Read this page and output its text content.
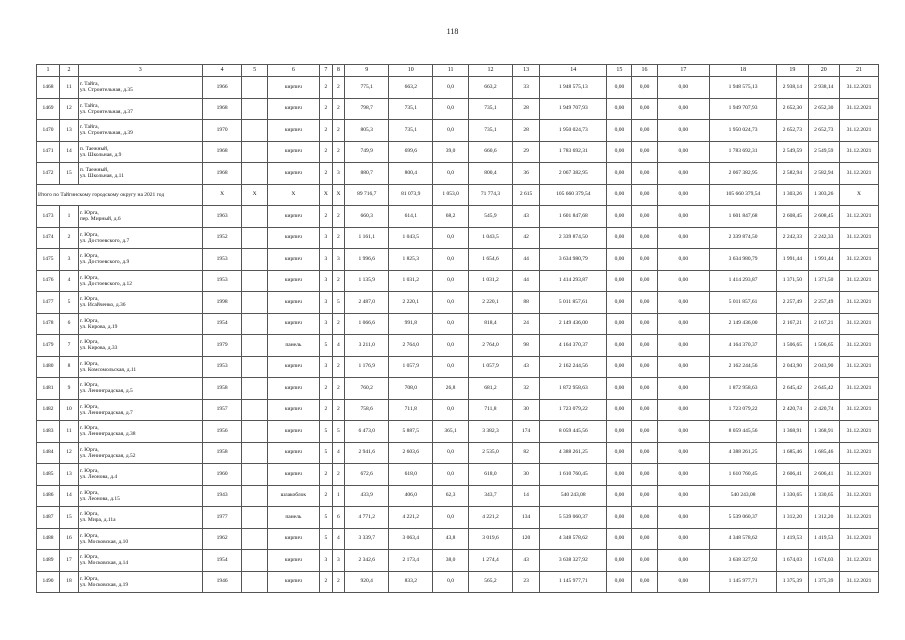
118
1	2	3	4	5	6	7	8	9	10	11	12	13	14	15	16	17	18	19	20	21
1468	11	г. Тайга,
ул. Строительная, д.35	1966		кирпич	2	2	775,1	663,2	0,0	663,2	33	1 948 575,13	0,00	0,00	0,00	1 948 575,13	2 938,14	2 938,14	31.12.2021
1469	12	г. Тайга,
ул. Строительная, д.37	1968		кирпич	2	2	798,7	735,1	0,0	735,1	28	1 949 707,93	0,00	0,00	0,00	1 949 707,93	2 652,30	2 652,30	31.12.2021
1470	13	г. Тайга,
ул. Строительная, д.39	1970		кирпич	2	2	805,3	735,1	0,0	735,1	28	1 950 024,73	0,00	0,00	0,00	1 950 024,73	2 652,73	2 652,73	31.12.2021
1471	14	п. Таежный,
ул. Школьная, д.9	1968		кирпич	2	2	749,9	699,6	39,0	660,6	29	1 783 692,31	0,00	0,00	0,00	1 783 692,31	2 549,59	2 549,59	31.12.2021
1472	15	п. Таежный,
ул. Школьная, д.11	1968		кирпич	2	3	880,7	800,4	0,0	800,4	36	2 067 382,95	0,00	0,00	0,00	2 067 382,95	2 582,94	2 582,94	31.12.2021
Итого по Тайгинскому городскому округу на 2021 год			X	X	X	X	X	89 716,7	81 073,9	1 053,0	71 774,3	2 615	105 660 379,54	0,00	0,00	0,00	105 660 379,54	1 303,26	1 303,26	X
1473	1	г. Юрга,
пер. Мирный, д.6	1963		кирпич	2	2	660,3	614,1	68,2	545,9	43	1 601 847,68	0,00	0,00	0,00	1 601 847,68	2 608,45	2 608,45	31.12.2021
1474	2	г. Юрга,
ул. Достоевского, д.7	1952		кирпич	3	2	1 161,1	1 043,5	0,0	1 043,5	42	2 339 874,50	0,00	0,00	0,00	2 339 874,50	2 242,33	2 242,33	31.12.2021
1475	3	г. Юрга,
ул. Достоевского, д.9	1953		кирпич	3	3	1 996,6	1 825,3	0,0	1 654,6	44	3 634 980,79	0,00	0,00	0,00	3 634 980,79	1 991,44	1 991,44	31.12.2021
1476	4	г. Юрга,
ул. Достоевского, д.12	1953		кирпич	3	2	1 135,9	1 031,2	0,0	1 031,2	44	1 414 293,87	0,00	0,00	0,00	1 414 293,87	1 371,50	1 371,50	31.12.2021
1477	5	г. Юрга,
ул. Исайченко, д.36	1998		кирпич	3	5	2 487,0	2 220,1	0,0	2 220,1	88	5 011 857,61	0,00	0,00	0,00	5 011 857,61	2 257,49	2 257,49	31.12.2021
1478	6	г. Юрга,
ул. Кирова, д.19	1954		кирпич	3	2	1 066,6	991,8	0,0	818,4	24	2 149 436,00	0,00	0,00	0,00	2 149 436,00	2 167,21	2 167,21	31.12.2021
1479	7	г. Юрга,
ул. Кирова, д.33	1979		панель	5	4	3 211,0	2 764,0	0,0	2 764,0	98	4 164 370,37	0,00	0,00	0,00	4 164 370,37	1 506,65	1 506,65	31.12.2021
1480	8	г. Юрга,
ул. Комсомольская, д.11	1953		кирпич	3	2	1 176,9	1 057,9	0,0	1 057,9	43	2 162 244,56	0,00	0,00	0,00	2 162 244,56	2 043,90	2 043,90	31.12.2021
1481	9	г. Юрга,
ул. Ленинградская, д.5	1958		кирпич	2	2	760,2	708,0	26,8	681,2	32	1 872 958,63	0,00	0,00	0,00	1 872 958,63	2 645,42	2 645,42	31.12.2021
1482	10	г. Юрга,
ул. Ленинградская, д.7	1957		кирпич	2	2	758,6	711,8	0,0	711,8	30	1 723 079,22	0,00	0,00	0,00	1 723 079,22	2 420,74	2 420,74	31.12.2021
1483	11	г. Юрга,
ул. Ленинградская, д.38	1956		кирпич	5	5	6 473,0	5 887,5	365,1	3 382,3	174	8 059 445,56	0,00	0,00	0,00	8 059 445,56	1 368,91	1 368,91	31.12.2021
1484	12	г. Юрга,
ул. Ленинградская, д.52	1958		кирпич	5	4	2 941,6	2 603,6	0,0	2 535,0	82	4 388 261,25	0,00	0,00	0,00	4 388 261,25	1 685,46	1 685,46	31.12.2021
1485	13	г. Юрга,
ул. Леонова, д.4	1960		кирпич	2	2	672,6	618,0	0,0	618,0	30	1 610 760,45	0,00	0,00	0,00	1 610 760,45	2 606,41	2 606,41	31.12.2021
1486	14	г. Юрга,
ул. Леонова, д.15	1943		шлакоблок	2	1	433,9	406,0	62,3	343,7	14	540 243,08	0,00	0,00	0,00	540 243,08	1 330,65	1 330,65	31.12.2021
1487	15	г. Юрга,
ул. Мира, д.11а	1977		панель	5	6	4 771,2	4 221,2	0,0	4 221,2	134	5 539 060,37	0,00	0,00	0,00	5 539 060,37	1 312,20	1 312,20	31.12.2021
1488	16	г. Юрга,
ул. Московская, д.10	1962		кирпич	5	4	3 339,7	3 063,4	43,8	3 019,6	120	4 348 578,62	0,00	0,00	0,00	4 348 578,62	1 419,53	1 419,53	31.12.2021
1489	17	г. Юрга,
ул. Московская, д.14	1954		кирпич	3	3	2 342,6	2 173,4	38,0	1 274,4	43	3 638 327,92	0,00	0,00	0,00	3 638 327,92	1 674,03	1 674,03	31.12.2021
1490	18	г. Юрга,
ул. Московская, д.19	1946		кирпич	2	2	920,4	833,2	0,0	565,2	23	1 145 977,71	0,00	0,00	0,00	1 145 977,71	1 375,39	1 375,39	31.12.2021
